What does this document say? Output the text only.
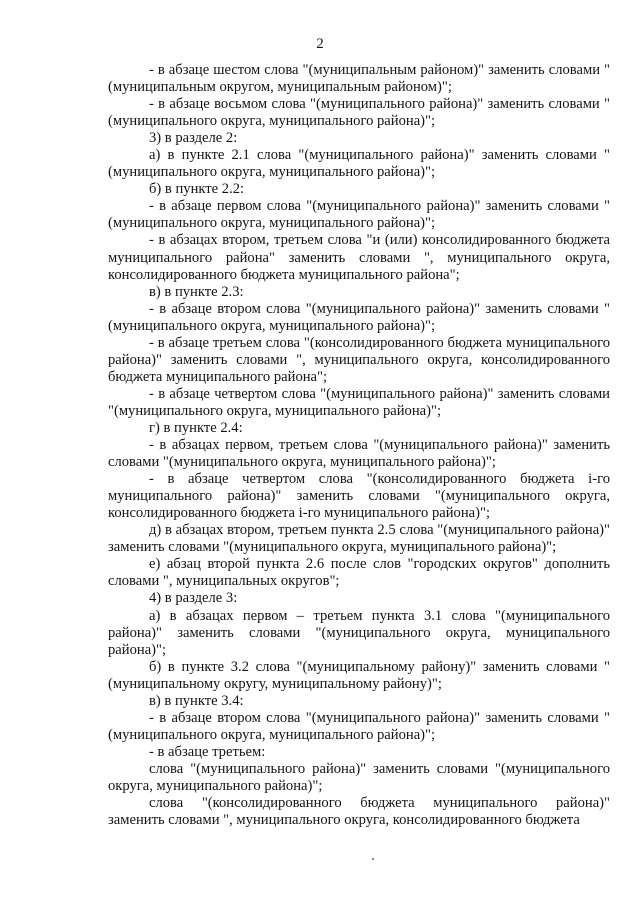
2

- в абзаце шестом слова "(муниципальным районом)" заменить словами "(муниципальным округом, муниципальным районом)";

- в абзаце восьмом слова "(муниципального района)" заменить словами "(муниципального округа, муниципального района)";

3) в разделе 2:

а) в пункте 2.1 слова "(муниципального района)" заменить словами "(муниципального округа, муниципального района)";

б) в пункте 2.2:

- в абзаце первом слова "(муниципального района)" заменить словами "(муниципального округа, муниципального района)";

- в абзацах втором, третьем слова "и (или) консолидированного бюджета муниципального района" заменить словами ", муниципального округа, консолидированного бюджета муниципального района";

в) в пункте 2.3:

- в абзаце втором слова "(муниципального района)" заменить словами "(муниципального округа, муниципального района)";

- в абзаце третьем слова "(консолидированного бюджета муниципального района)" заменить словами ", муниципального округа, консолидированного бюджета муниципального района";

- в абзаце четвертом слова "(муниципального района)" заменить словами "(муниципального округа, муниципального района)";

г) в пункте 2.4:

- в абзацах первом, третьем слова "(муниципального района)" заменить словами "(муниципального округа, муниципального района)";

- в абзаце четвертом слова "(консолидированного бюджета i-го муниципального района)" заменить словами "(муниципального округа, консолидированного бюджета i-го муниципального района)";

д) в абзацах втором, третьем пункта 2.5 слова "(муниципального района)" заменить словами "(муниципального округа, муниципального района)";

е) абзац второй пункта 2.6 после слов "городских округов" дополнить словами ", муниципальных округов";

4) в разделе 3:

а) в абзацах первом – третьем пункта 3.1 слова "(муниципального района)" заменить словами "(муниципального округа, муниципального района)";

б) в пункте 3.2 слова "(муниципальному району)" заменить словами "(муниципальному округу, муниципальному району)";

в) в пункте 3.4:

- в абзаце втором слова "(муниципального района)" заменить словами "(муниципального округа, муниципального района)";

- в абзаце третьем:

слова "(муниципального района)" заменить словами "(муниципального округа, муниципального района)";

слова "(консолидированного бюджета муниципального района)" заменить словами ", муниципального округа, консолидированного бюджета
